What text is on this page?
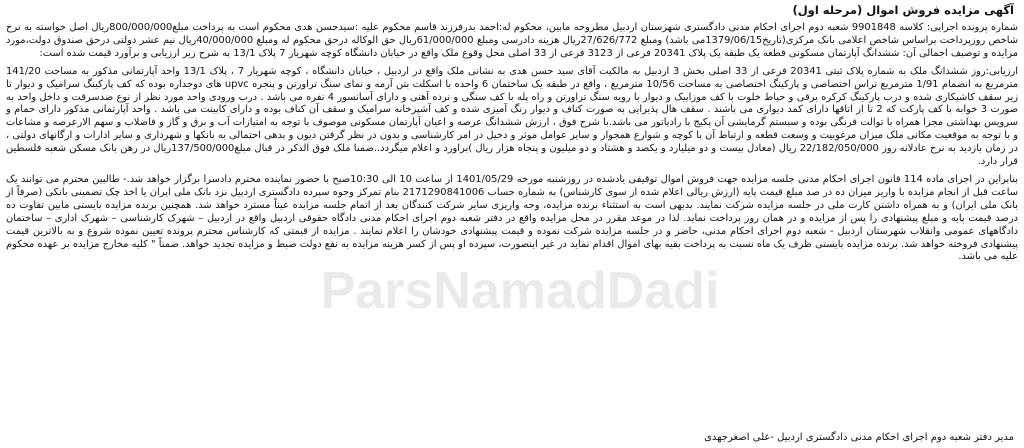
آگهی مزایده فروش اموال (مرحله اول)

شماره پرونده اجرایی: کلاسه 9901848 شعبه دوم اجرای احکام مدنی دادگستری شهرستان اردبیل مطروحه مابین، محکوم له:احمد بدرفرزند قاسم محکوم علیه :سیدحسن هدی محکوم است به پرداخت مبلغ800/000/000ریال اصل خواسته به نرخ شاخص روزپرداخت براساس شاخص اعلامی بانک مرکزی(تاریخ1379/06/15می باشد) ومبلغ 27/626/772ریال هزینه دادرسی ومبلغ 61/000/000ریال حق الوکاله درحق محکوم له ومبلغ 40/000/000ریال نیم عشر دولتی درحق صندوق دولت،مورد مزایده و توصیف اجمالی آن: ششدانگ آپارتمان مسکونی قطعه یک طبقه یک پلاک 20341 فرعی از 3123 فرعی از 33 اصلی محل وقوع ملک واقع در خیابان دانشگاه کوچه شهریار 7 پلاک 13/1 به شرح زیر ارزیابی و برآورد قیمت شده است:

ارزیابی:روز ششدانگ ملک به شماره پلاک ثبتی 20341 فرعی از 33 اصلی بخش 3 اردبیل به مالکیت آقای سید حسن هدی به نشانی ملک واقع در اردبیل ، خیابان دانشگاه ، کوچه شهریار 7 ، پلاک 13/1 واحد آپارتمانی مذکور به مساحت 141/20 مترمربع به انضمام 1/91 مترمربع تراس اختصاصی و پارکینگ اختصاصی به مساحت 10/56 مترمربع ، واقع در طبقه یک ساختمان 6 واحده با اسکلت بتن آرمه و نمای سنگ تراورتن و پنجره upvc های دوجداره بوده که کف پارکینگ سرامیک و دیوار تا زیر سقف کاشیکاری شده و درب پارکینگ کرکره برقی و حیاط خلوت با کف موزاییک و دیوار با رویه سنگ تراورتن و راه پله با کف سنگی و نرده آهنی و دارای آسانسور 4 نفره می باشد . درب ورودی واحد مورد نظر از نوع ضدسرقت و داخل واحد به صورت 3 خوابه با کف پارکت که 2 تا از اتاقها دارای کمد دیواری می باشند . سقف هال پذیرایی به صورت کناف و دیوار رنگ آمیزی شده و کف آشپزخانه سرامیک و سقف آن کناف بوده و دارای کابینت می باشد . واحد آپارتمانی مذکور دارای حمام و سرویس بهداشتی مجزا همراه با توالت فرنگی بوده و سیستم گرمایشی آن پکیج با رادیاتور می باشد.با شرح فوق ، ارزش ششدانگ عرصه و اعیان آپارتمان مسکونی موصوف با توجه به امتیازات آب و برق و گاز و فاضلاب و سهم الارعرصه و مشاعات و با توجه به موقعیت مکانی ملک میزان مرغوبیت و وسعت قطعه و ارتباط آن با کوچه و شوارع همجوار و سایر عوامل موثر و دخیل در امر کارشناسی و بدون در نظر گرفتن دیون و بدهی احتمالی به بانکها و شهرداری و سایر ادارات و ارگانهای دولتی ، در زمان بازدید به نرخ عادلانه روز 22/182/050/000 ریال (معادل بیست و دو میلیارد و یکصد و هشتاد و دو میلیون و پنجاه هزار ریال )براورد و اعلام میگردد..ضمنا ملک فوق الذکر در قبال مبلغ137/500/000ریال در رهن بانک مسکن شعبه فلسطین قرار دارد.

بنابراین در اجرای ماده 114 قانون اجرای احکام مدنی جلسه مزایده جهت فروش اموال توقیفی یادشده در روزشنبه مورخه 1401/05/29 از ساعت 10 الی 10:30صبح با حضور نماینده محترم دادسرا برگزار خواهد شد.- طالبین محترم می توانند یک ساعت قبل از انجام مزایده با واریز میزان ده در صد مبلغ قیمت پایه (ارزش ریالی اعلام شده از سوی کارشناس) به شماره حساب 2171290841006 بنام تمرکز وجوه سپرده دادگستری اردبیل نزد بانک ملی ایران یا اخذ چک تضمینی بانکی (صرفاً از بانک ملی ایران) و به همراه داشتن کارت ملی در جلسه مزایده شرکت نمایند. بدیهی است به استثناء برنده مزایده، وجه واریزی سایر شرکت کنندگان بعد از اتمام جلسه مزایده عیناً مسترد خواهد شد. همچنین برنده مزایده بایستی مابین تفاوت ده درصد قیمت پایه و مبلغ پیشنهادی را پس از مزایده و در همان روز پرداخت نماید. لذا در موعد مقرر در محل مزایده واقع در دفتر شعبه دوم اجرای احکام مدنی دادگاه حقوقی اردبیل واقع در اردبیل – شهرک کارشناسی – شهرک اداری – ساختمان دادگاههای عمومی وانقلاب شهرستان اردبیل - شعبه دوم اجرای احکام مدنی، حاضر و در جلسه مزایده شرکت نموده و قیمت پیشنهادی خودشان را اعلام نمایند . مزایده از قیمتی که کارشناس محترم پرونده تعیین نموده شروع و به بالاترین قیمت پیشنهادی فروخته خواهد شد. برنده مزایده بایستی ظرف یک ماه نسبت به پرداخت بقیه بهای اموال اقدام نماید در غیر اینصورت، سپرده او پس از کسر هزینه مزایده به نفع دولت ضبط و مزایده تجدید خواهد. ضمناً " کلیه مخارج مزایده بر عهده محکوم علیه می باشد.

ParsNamadDadi
مدیر دفتر شعبه دوم اجرای احکام مدنی دادگستری اردبیل -علی اصغرجهدی
